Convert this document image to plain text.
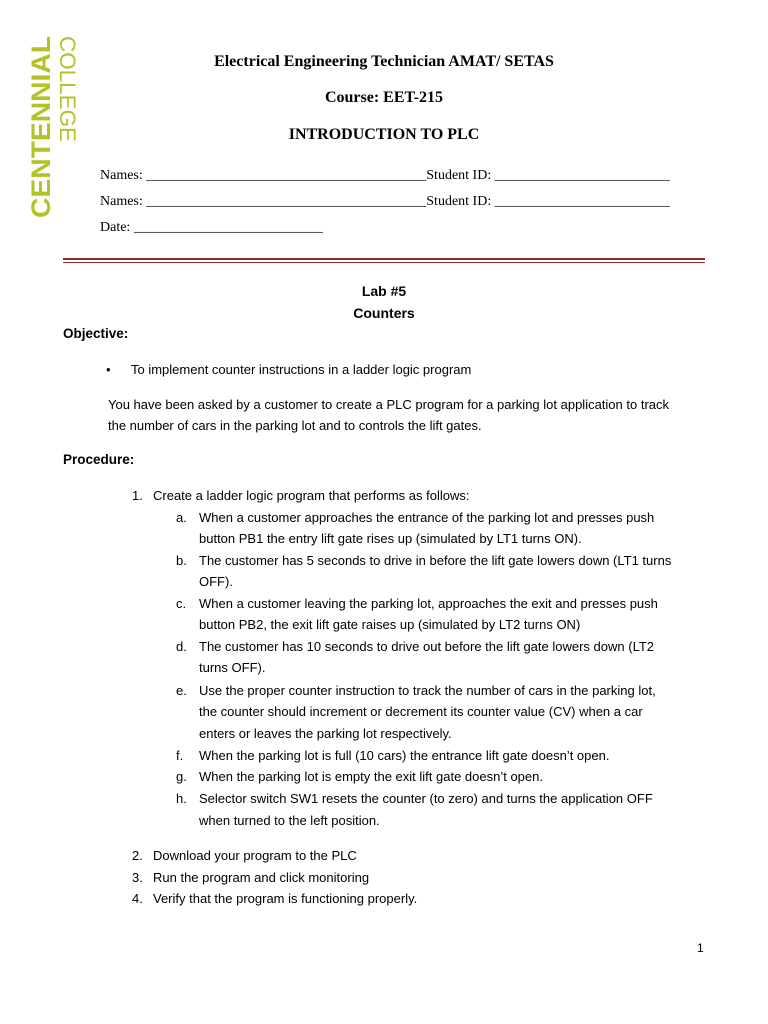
CENTENNIAL COLLEGE	Electrical Engineering Technician AMAT/ SETAS
Course: EET-215
INTRODUCTION TO PLC
Names: ________________________________________Student ID: _________________________
Names: ________________________________________Student ID: _________________________
Date: ___________________________
Lab #5
Counters
Objective:
• To implement counter instructions in a ladder logic program
You have been asked by a customer to create a PLC program for a parking lot application to track
the number of cars in the parking lot and to controls the lift gates.
Procedure:
1. Create a ladder logic program that performs as follows:
a. When a customer approaches the entrance of the parking lot and presses push
button PB1 the entry lift gate rises up (simulated by LT1 turns ON).
b. The customer has 5 seconds to drive in before the lift gate lowers down (LT1 turns
OFF).
c. When a customer leaving the parking lot, approaches the exit and presses push
button PB2, the exit lift gate raises up (simulated by LT2 turns ON)
d. The customer has 10 seconds to drive out before the lift gate lowers down (LT2
turns OFF).
e. Use the proper counter instruction to track the number of cars in the parking lot,
the counter should increment or decrement its counter value (CV) when a car
enters or leaves the parking lot respectively.
f. When the parking lot is full (10 cars) the entrance lift gate doesn’t open.
g. When the parking lot is empty the exit lift gate doesn’t open.
h. Selector switch SW1 resets the counter (to zero) and turns the application OFF
when turned to the left position.
2. Download your program to the PLC
3. Run the program and click monitoring
4. Verify that the program is functioning properly.
1
